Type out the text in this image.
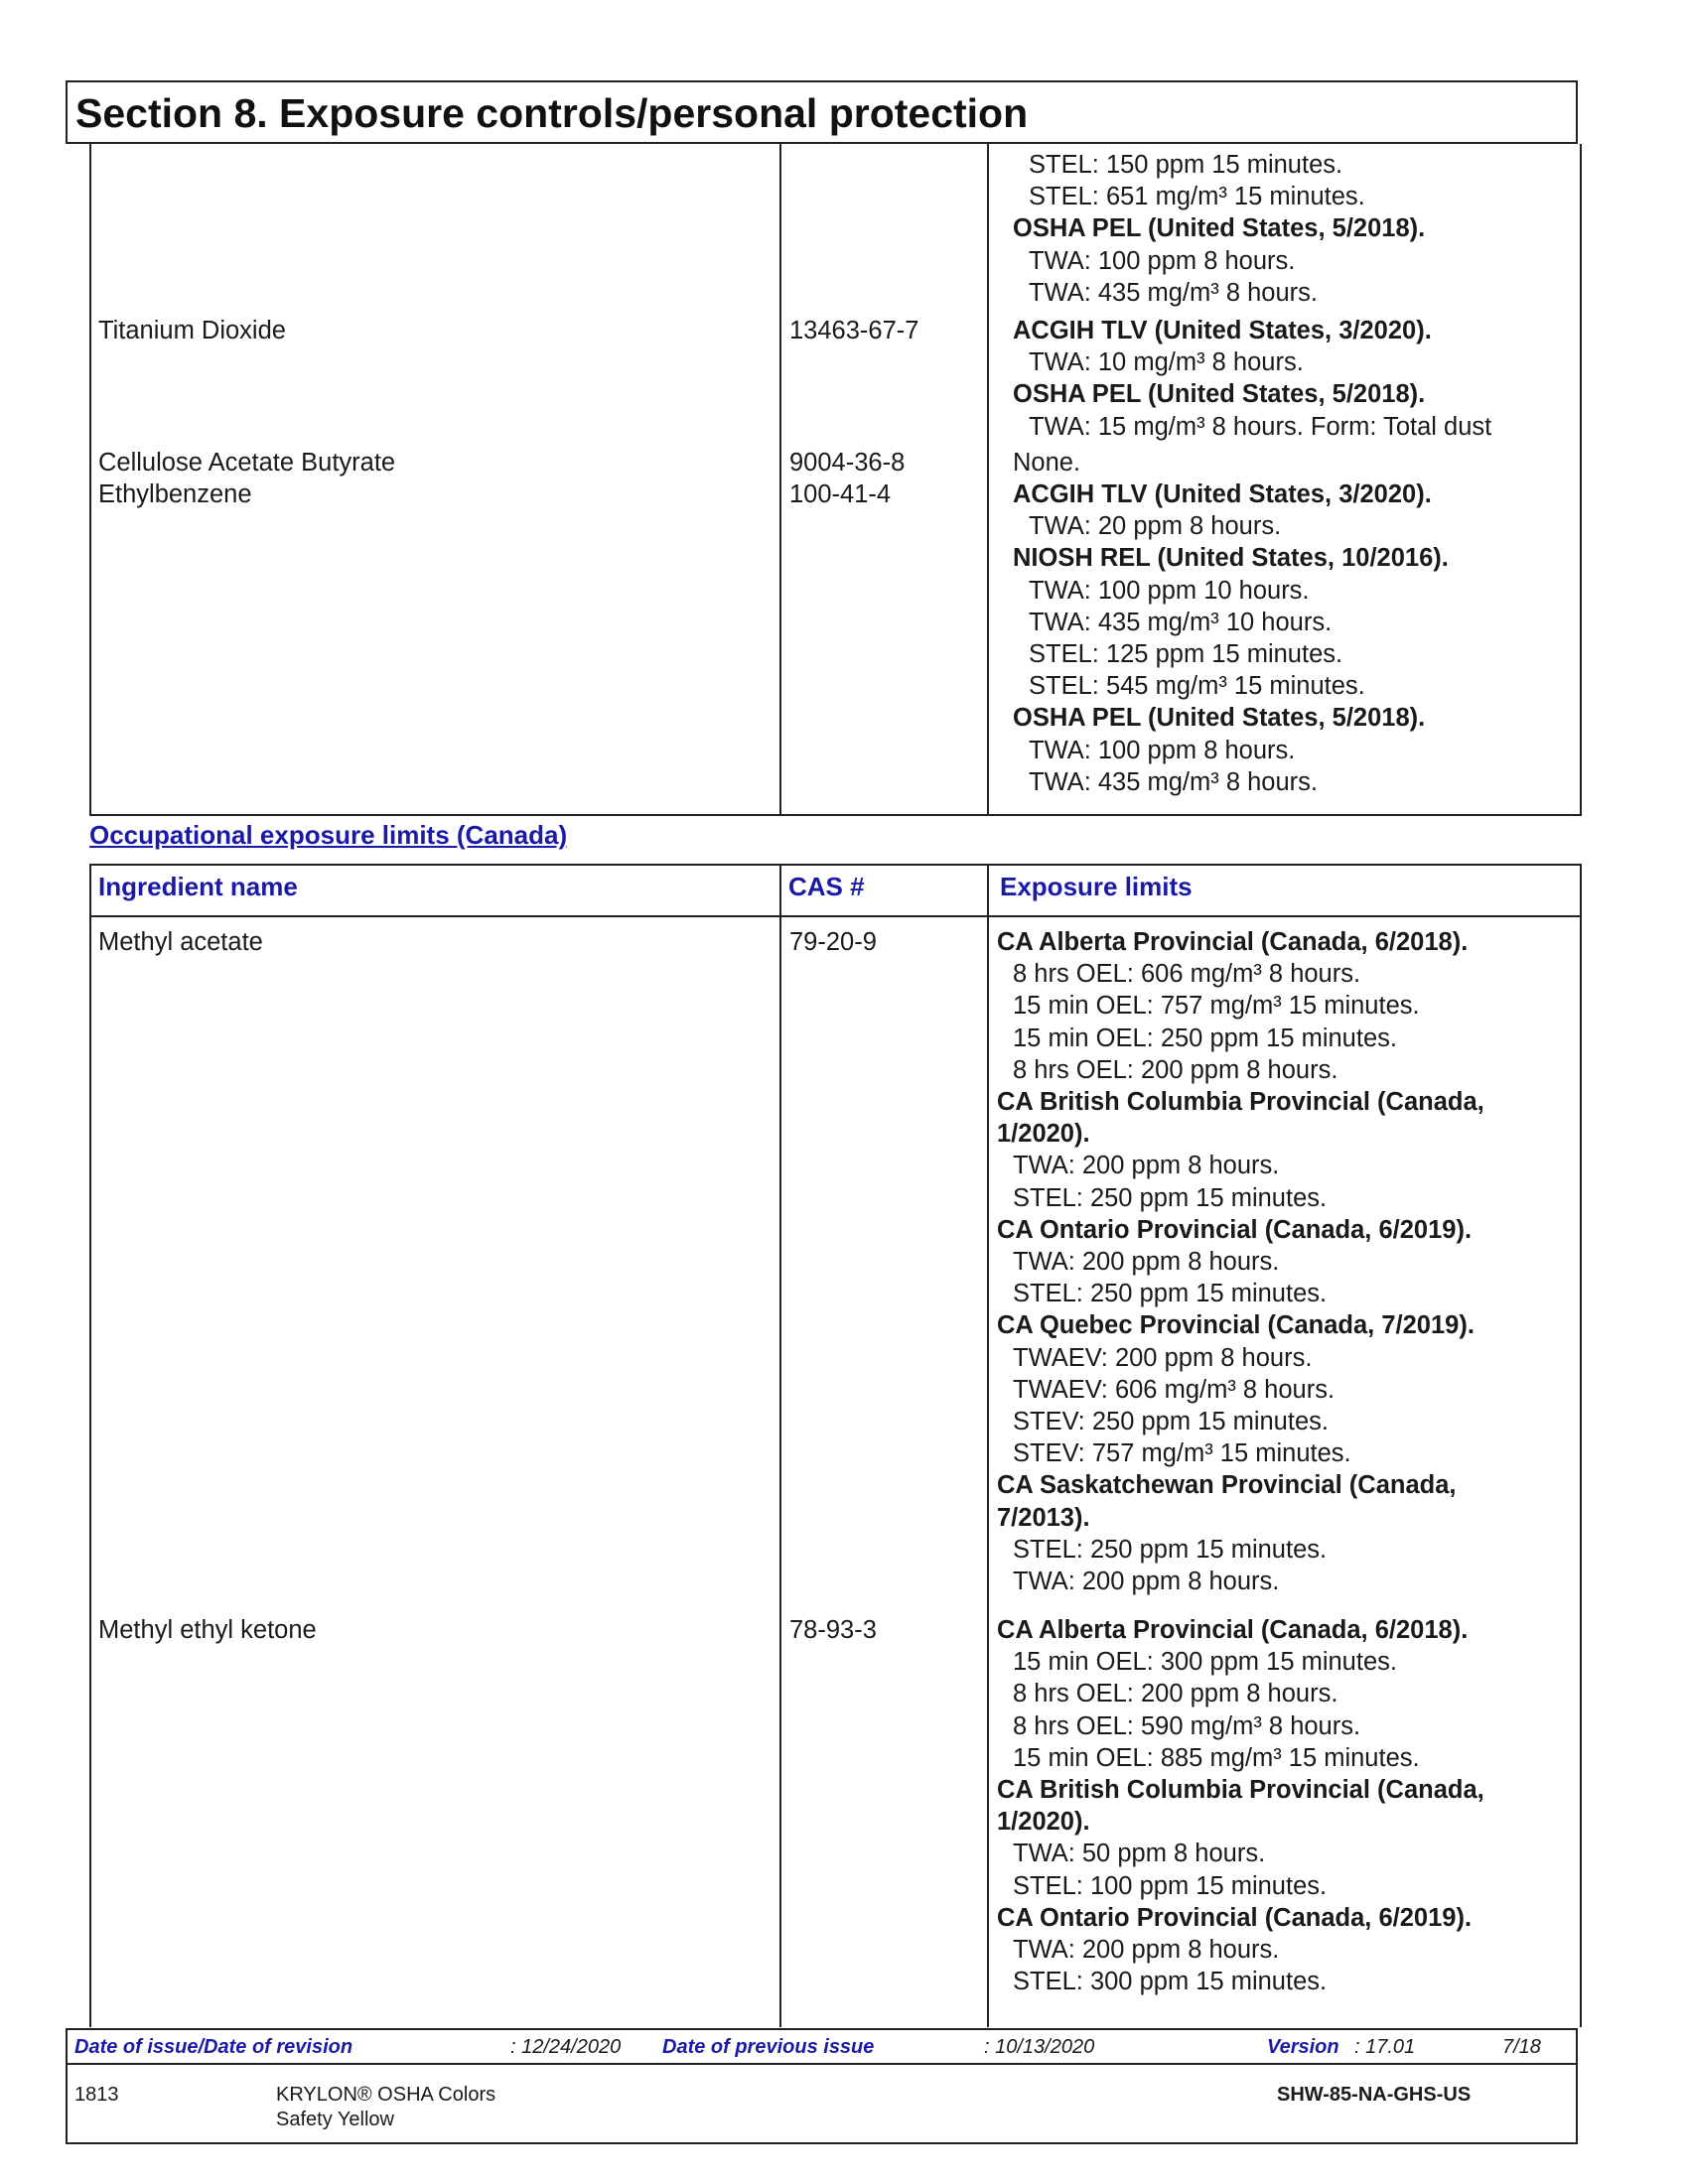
Section 8. Exposure controls/personal protection
STEL: 150 ppm 15 minutes.
STEL: 651 mg/m³ 15 minutes.
OSHA PEL (United States, 5/2018).
TWA: 100 ppm 8 hours.
TWA: 435 mg/m³ 8 hours.
Titanium Dioxide	13463-67-7	ACGIH TLV (United States, 3/2020).
TWA: 10 mg/m³ 8 hours.
OSHA PEL (United States, 5/2018).
TWA: 15 mg/m³ 8 hours. Form: Total dust
Cellulose Acetate Butyrate	9004-36-8	None.
Ethylbenzene	100-41-4	ACGIH TLV (United States, 3/2020).
TWA: 20 ppm 8 hours.
NIOSH REL (United States, 10/2016).
TWA: 100 ppm 10 hours.
TWA: 435 mg/m³ 10 hours.
STEL: 125 ppm 15 minutes.
STEL: 545 mg/m³ 15 minutes.
OSHA PEL (United States, 5/2018).
TWA: 100 ppm 8 hours.
TWA: 435 mg/m³ 8 hours.
Occupational exposure limits (Canada)
Ingredient name	CAS #	Exposure limits
Methyl acetate	79-20-9	CA Alberta Provincial (Canada, 6/2018).
8 hrs OEL: 606 mg/m³ 8 hours.
15 min OEL: 757 mg/m³ 15 minutes.
15 min OEL: 250 ppm 15 minutes.
8 hrs OEL: 200 ppm 8 hours.
CA British Columbia Provincial (Canada,
1/2020).
TWA: 200 ppm 8 hours.
STEL: 250 ppm 15 minutes.
CA Ontario Provincial (Canada, 6/2019).
TWA: 200 ppm 8 hours.
STEL: 250 ppm 15 minutes.
CA Quebec Provincial (Canada, 7/2019).
TWAEV: 200 ppm 8 hours.
TWAEV: 606 mg/m³ 8 hours.
STEV: 250 ppm 15 minutes.
STEV: 757 mg/m³ 15 minutes.
CA Saskatchewan Provincial (Canada,
7/2013).
STEL: 250 ppm 15 minutes.
TWA: 200 ppm 8 hours.
Methyl ethyl ketone	78-93-3	CA Alberta Provincial (Canada, 6/2018).
15 min OEL: 300 ppm 15 minutes.
8 hrs OEL: 200 ppm 8 hours.
8 hrs OEL: 590 mg/m³ 8 hours.
15 min OEL: 885 mg/m³ 15 minutes.
CA British Columbia Provincial (Canada,
1/2020).
TWA: 50 ppm 8 hours.
STEL: 100 ppm 15 minutes.
CA Ontario Provincial (Canada, 6/2019).
TWA: 200 ppm 8 hours.
STEL: 300 ppm 15 minutes.
Date of issue/Date of revision	: 12/24/2020 Date of previous issue	: 10/13/2020	Version : 17.01	7/18
1813	KRYLON® OSHA Colors
Safety Yellow
SHW-85-NA-GHS-US
